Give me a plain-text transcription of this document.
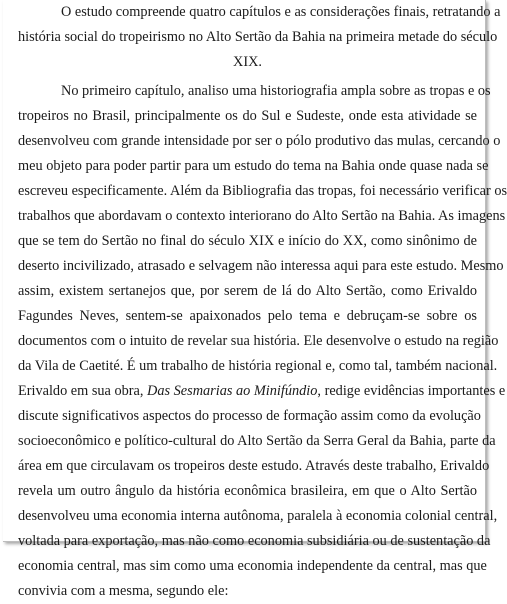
O estudo compreende quatro capítulos e as considerações finais, retratando a
história social do tropeirismo no Alto Sertão da Bahia na primeira metade do século
XIX.
No primeiro capítulo, analiso uma historiografia ampla sobre as tropas e os
tropeiros no Brasil, principalmente os do Sul e Sudeste, onde esta atividade se
desenvolveu com grande intensidade por ser o pólo produtivo das mulas, cercando o
meu objeto para poder partir para um estudo do tema na Bahia onde quase nada se
escreveu especificamente. Além da Bibliografia das tropas, foi necessário verificar os
trabalhos que abordavam o contexto interiorano do Alto Sertão na Bahia. As imagens
que se tem do Sertão no final do século XIX e início do XX, como sinônimo de
deserto incivilizado, atrasado e selvagem não interessa aqui para este estudo. Mesmo
assim, existem sertanejos que, por serem de lá do Alto Sertão, como Erivaldo
Fagundes Neves, sentem-se apaixonados pelo tema e debruçam-se sobre os
documentos com o intuito de revelar sua história. Ele desenvolve o estudo na região
da Vila de Caetité. É um trabalho de história regional e, como tal, também nacional.
Erivaldo em sua obra, Das Sesmarias ao Minifúndio, redige evidências importantes e
discute significativos aspectos do processo de formação assim como da evolução
socioeconômico e político-cultural do Alto Sertão da Serra Geral da Bahia, parte da
área em que circulavam os tropeiros deste estudo. Através deste trabalho, Erivaldo
revela um outro ângulo da história econômica brasileira, em que o Alto Sertão
desenvolveu uma economia interna autônoma, paralela à economia colonial central,
voltada para exportação, mas não como economia subsidiária ou de sustentação da
economia central, mas sim como uma economia independente da central, mas que
convivia com a mesma, segundo ele:
